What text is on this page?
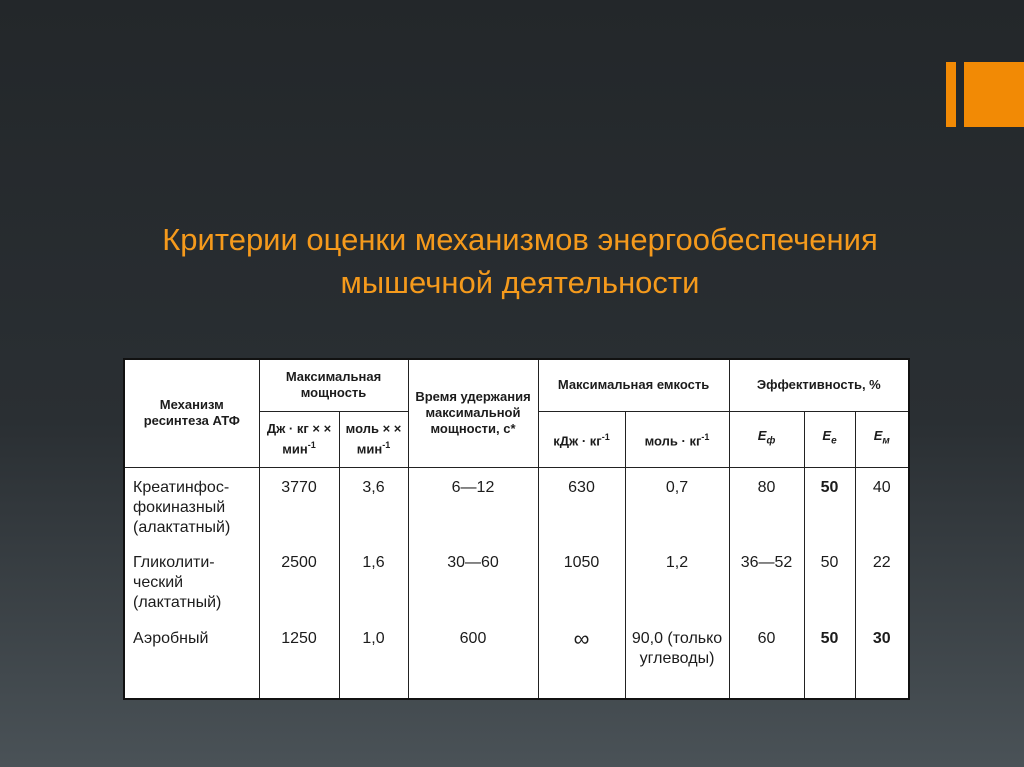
Критерии оценки механизмов энергообеспечения
мышечной деятельности
Механизм ресинтеза АТФ	Максимальная мощность		Время удержания максимальной мощности, с*	Максимальная емкость		Эффективность, %		
	Дж · кг × × мин$^{-1}$	моль × × мин$^{-1}$		кДж · $кг^{-1}$	моль · $кг^{-1}$	$E_ф$	$E_e$	$E_м$
Креатинфос-фокиназный (алактатный)	3770	3,6	6—12	630	0,7	80	50	40
Гликолити-ческий (лактатный)	2500	1,6	30—60	1050	1,2	36—52	50	22
Аэробный	1250	1,0	600	∞	90,0 (только углеводы)	60	50	30
